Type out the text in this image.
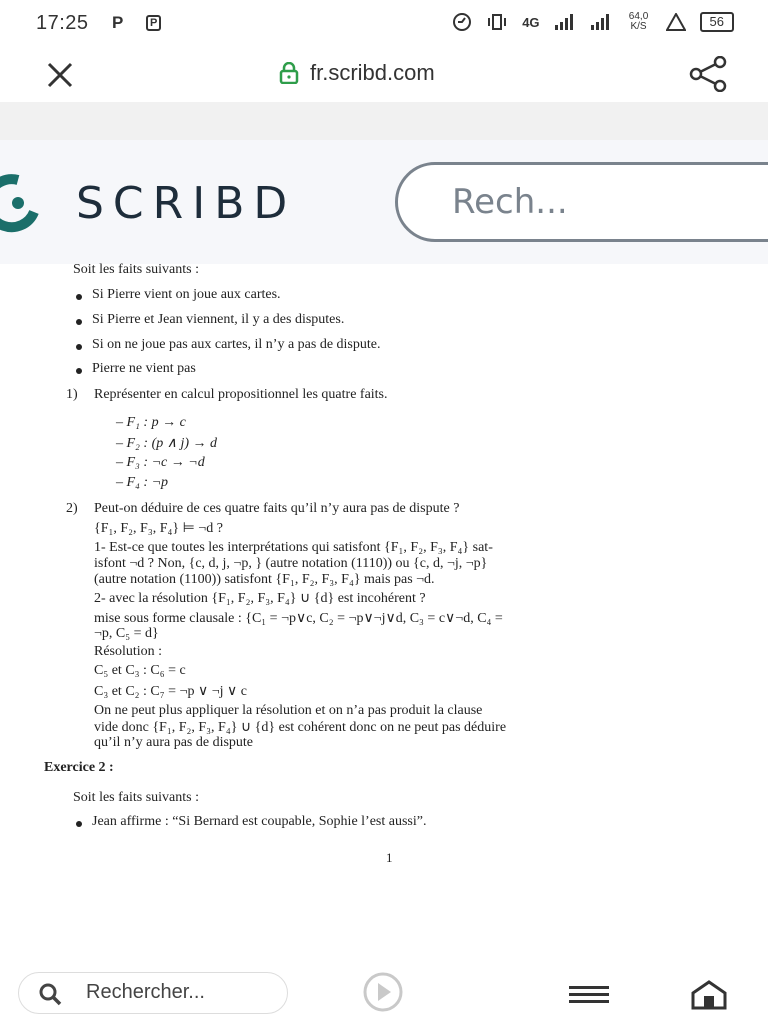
17:25 P	P	4G	64,0 K/S	56
fr.scribd.com
SCRIBD	Rech...
Soit les faits suivants :
Si Pierre vient on joue aux cartes.
Si Pierre et Jean viennent, il y a des disputes.
Si on ne joue pas aux cartes, il n’y a pas de dispute.
Pierre ne vient pas
1) Représenter en calcul propositionnel les quatre faits.
– F₁ : p → c
– F₂ : (p ∧ j) → d
– F₃ : ¬c → ¬d
– F₄ : ¬p
2) Peut-on déduire de ces quatre faits qu’il n’y aura pas de dispute ?
{F₁, F₂, F₃, F₄} ⊨ ¬d ?
1- Est-ce que toutes les interprétations qui satisfont {F₁, F₂, F₃, F₄} sat-
isfont ¬d ? Non, {c, d, j, ¬p, } (autre notation (1110)) ou {c, d, ¬j, ¬p}
(autre notation (1100)) satisfont {F₁, F₂, F₃, F₄} mais pas ¬d.
2- avec la résolution {F₁, F₂, F₃, F₄} ∪ {d} est incohérent ?
mise sous forme clausale : {C₁ = ¬p∨c, C₂ = ¬p∨¬j∨d, C₃ = c∨¬d, C₄ =
¬p, C₅ = d}
Résolution :
C₅ et C₃ : C₆ = c
C₃ et C₂ : C₇ = ¬p ∨ ¬j ∨ c
On ne peut plus appliquer la résolution et on n’a pas produit la clause
vide donc {F₁, F₂, F₃, F₄} ∪ {d} est cohérent donc on ne peut pas déduire
qu’il n’y aura pas de dispute
Exercice 2 :
Soit les faits suivants :
Jean affirme : “Si Bernard est coupable, Sophie l’est aussi”.
1
Rechercher...
